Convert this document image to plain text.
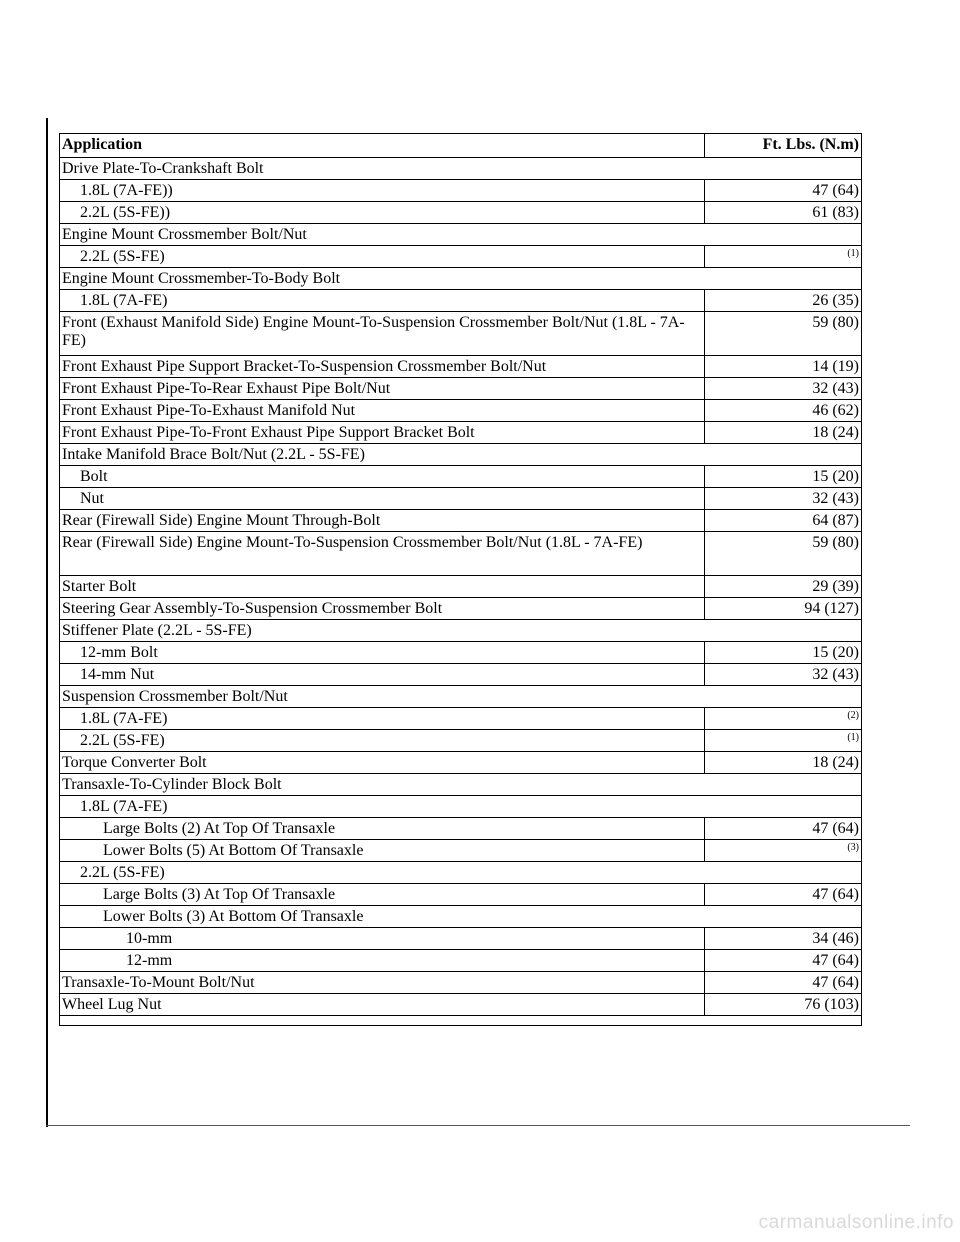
Application	Ft. Lbs. (N.m)
Drive Plate-To-Crankshaft Bolt	
1.8L (7A-FE))	47 (64)
2.2L (5S-FE))	61 (83)
Engine Mount Crossmember Bolt/Nut	
2.2L (5S-FE)	$^{(1)}$
Engine Mount Crossmember-To-Body Bolt	
1.8L (7A-FE)	26 (35)
Front (Exhaust Manifold Side) Engine Mount-To-Suspension Crossmember Bolt/Nut (1.8L - 7A-FE)	59 (80)
Front Exhaust Pipe Support Bracket-To-Suspension Crossmember Bolt/Nut	14 (19)
Front Exhaust Pipe-To-Rear Exhaust Pipe Bolt/Nut	32 (43)
Front Exhaust Pipe-To-Exhaust Manifold Nut	46 (62)
Front Exhaust Pipe-To-Front Exhaust Pipe Support Bracket Bolt	18 (24)
Intake Manifold Brace Bolt/Nut (2.2L - 5S-FE)	
Bolt	15 (20)
Nut	32 (43)
Rear (Firewall Side) Engine Mount Through-Bolt	64 (87)
Rear (Firewall Side) Engine Mount-To-Suspension Crossmember Bolt/Nut (1.8L - 7A-FE)	59 (80)
Starter Bolt	29 (39)
Steering Gear Assembly-To-Suspension Crossmember Bolt	94 (127)
Stiffener Plate (2.2L - 5S-FE)	
12-mm Bolt	15 (20)
14-mm Nut	32 (43)
Suspension Crossmember Bolt/Nut	
1.8L (7A-FE)	$^{(2)}$
2.2L (5S-FE)	$^{(1)}$
Torque Converter Bolt	18 (24)
Transaxle-To-Cylinder Block Bolt	
1.8L (7A-FE)	
Large Bolts (2) At Top Of Transaxle	47 (64)
Lower Bolts (5) At Bottom Of Transaxle	$^{(3)}$
2.2L (5S-FE)	
Large Bolts (3) At Top Of Transaxle	47 (64)
Lower Bolts (3) At Bottom Of Transaxle	
10-mm	34 (46)
12-mm	47 (64)
Transaxle-To-Mount Bolt/Nut	47 (64)
Wheel Lug Nut	76 (103)

carmanualsonline.info
